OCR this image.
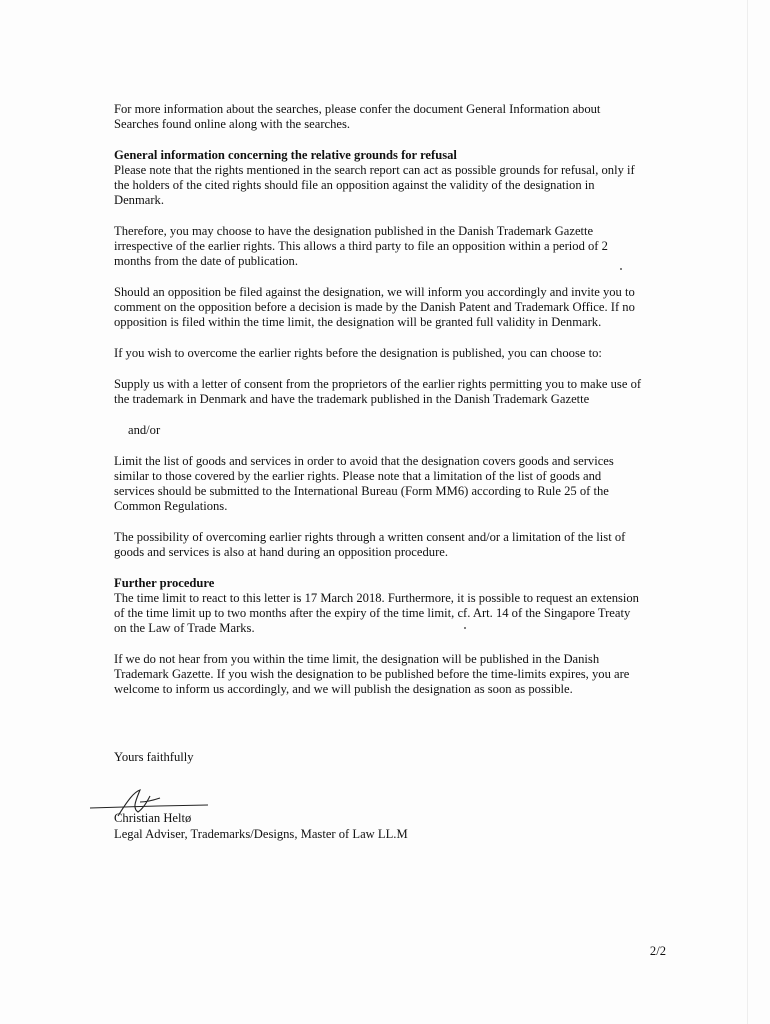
For more information about the searches, please confer the document General Information about Searches found online along with the searches.

General information concerning the relative grounds for refusal
Please note that the rights mentioned in the search report can act as possible grounds for refusal, only if the holders of the cited rights should file an opposition against the validity of the designation in Denmark.

Therefore, you may choose to have the designation published in the Danish Trademark Gazette irrespective of the earlier rights. This allows a third party to file an opposition within a period of 2 months from the date of publication.

Should an opposition be filed against the designation, we will inform you accordingly and invite you to comment on the opposition before a decision is made by the Danish Patent and Trademark Office. If no opposition is filed within the time limit, the designation will be granted full validity in Denmark.

If you wish to overcome the earlier rights before the designation is published, you can choose to:

Supply us with a letter of consent from the proprietors of the earlier rights permitting you to make use of the trademark in Denmark and have the trademark published in the Danish Trademark Gazette

and/or

Limit the list of goods and services in order to avoid that the designation covers goods and services similar to those covered by the earlier rights. Please note that a limitation of the list of goods and services should be submitted to the International Bureau (Form MM6) according to Rule 25 of the Common Regulations.

The possibility of overcoming earlier rights through a written consent and/or a limitation of the list of goods and services is also at hand during an opposition procedure.

Further procedure
The time limit to react to this letter is 17 March 2018. Furthermore, it is possible to request an extension of the time limit up to two months after the expiry of the time limit, cf. Art. 14 of the Singapore Treaty on the Law of Trade Marks.

If we do not hear from you within the time limit, the designation will be published in the Danish Trademark Gazette. If you wish the designation to be published before the time-limits expires, you are welcome to inform us accordingly, and we will publish the designation as soon as possible.

Yours faithfully
Christian Heltø
Legal Adviser, Trademarks/Designs, Master of Law LL.M
2/2
